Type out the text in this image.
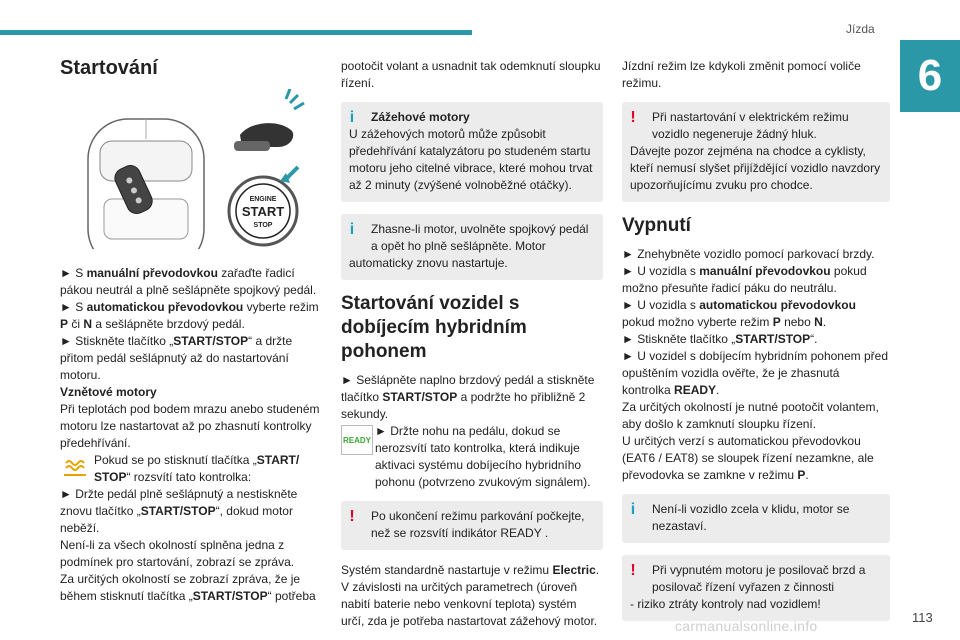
Jízda
6
Startování
ENGINE
START
STOP

► S manuální převodovkou zařaďte řadicí pákou neutrál a plně sešlápněte spojkový pedál.

► S automatickou převodovkou vyberte režim P či N a sešlápněte brzdový pedál.

► Stiskněte tlačítko „START/STOP“ a držte přitom pedál sešlápnutý až do nastartování motoru.

Vznětové motory

Při teplotách pod bodem mrazu anebo studeném motoru lze nastartovat až po zhasnutí kontrolky předehřívání.

Pokud se po stisknutí tlačítka „START/ STOP“ rozsvítí tato kontrolka:

► Držte pedál plně sešlápnutý a nestiskněte znovu tlačítko „START/STOP“, dokud motor neběží.

Není-li za všech okolností splněna jedna z podmínek pro startování, zobrazí se zpráva.

Za určitých okolností se zobrazí zpráva, že je během stisknutí tlačítka „START/STOP“ potřeba

pootočit volant a usnadnit tak odemknutí sloupku řízení.

i	Zážehové motory
U zážehových motorů může způsobit předehřívání katalyzátoru po studeném startu motoru jeho citelné vibrace, které mohou trvat až 2 minuty (zvýšené volnoběžné otáčky).
i	Zhasne-li motor, uvolněte spojkový pedál a opět ho plně sešlápněte. Motor
automaticky znovu nastartuje.
Startování vozidel s dobíjecím hybridním pohonem

► Sešlápněte naplno brzdový pedál a stiskněte tlačítko START/STOP a podržte ho přibližně 2 sekundy.

READY

► Držte nohu na pedálu, dokud se nerozsvítí tato kontrolka, která indikuje aktivaci systému dobíjecího hybridního pohonu (potvrzeno zvukovým signálem).

!	Po ukončení režimu parkování počkejte, než se rozsvítí indikátor READY .

Systém standardně nastartuje v režimu Electric.

V závislosti na určitých parametrech (úroveň nabití baterie nebo venkovní teplota) systém určí, zda je potřeba nastartovat zážehový motor.

Jízdní režim lze kdykoli změnit pomocí voliče režimu.

! Při nastartování v elektrickém režimu vozidlo negeneruje žádný hluk.
Dávejte pozor zejména na chodce a cyklisty, kteří nemusí slyšet přijíždějící vozidlo navzdory upozorňujícímu zvuku pro chodce.
Vypnutí

► Znehybněte vozidlo pomocí parkovací brzdy.

► U vozidla s manuální převodovkou pokud možno přesuňte řadicí páku do neutrálu.

► U vozidla s automatickou převodovkou pokud možno vyberte režim P nebo N.

► Stiskněte tlačítko „START/STOP“.

► U vozidel s dobíjecím hybridním pohonem před opuštěním vozidla ověřte, že je zhasnutá kontrolka READY.

Za určitých okolností je nutné pootočit volantem, aby došlo k zamknutí sloupku řízení.

U určitých verzí s automatickou převodovkou (EAT6 / EAT8) se sloupek řízení nezamkne, ale převodovka se zamkne v režimu P.

i	Není-li vozidlo zcela v klidu, motor se nezastaví.
! Při vypnutém motoru je posilovač brzd a posilovač řízení vyřazen z činnosti
- riziko ztráty kontroly nad vozidlem!
carmanualsonline.info
113
